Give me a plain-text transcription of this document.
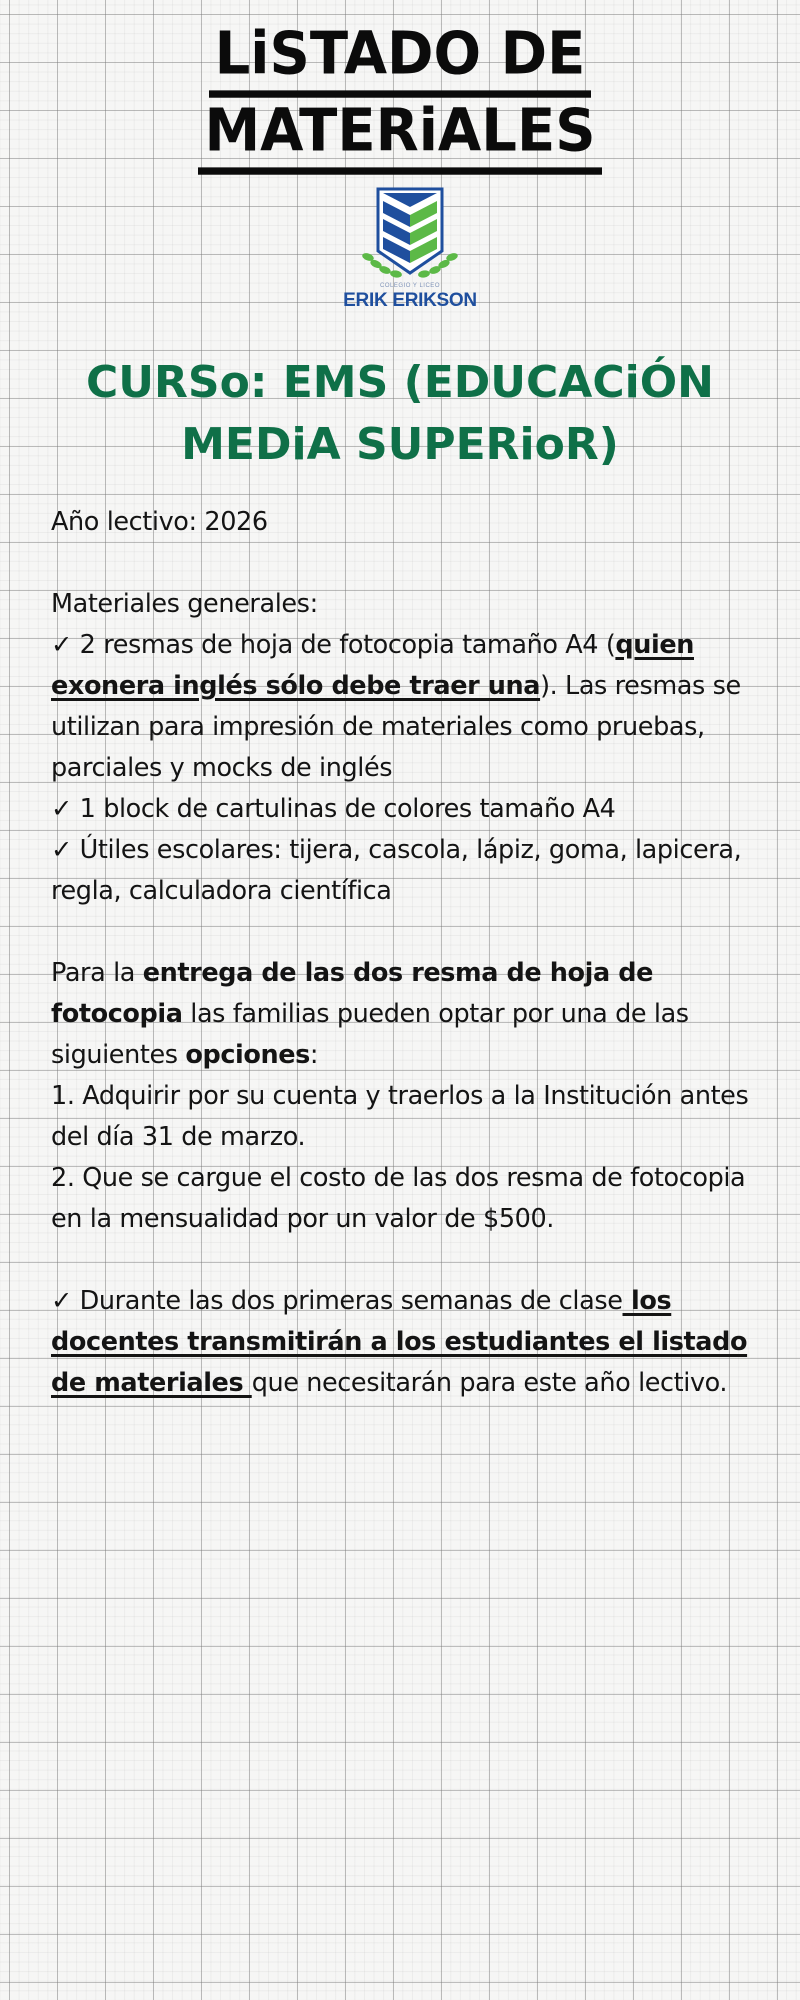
LiSTADO DE
MATERiALES
COLEGIO Y LICEO
ERIK ERIKSON
CURSo: EMS (EDUCACiÓN
MEDiA SUPERioR)

Año lectivo: 2026

Materiales generales:

✓ 2 resmas de hoja de fotocopia tamaño A4 (quien exonera inglés sólo debe traer una). Las resmas se utilizan para impresión de materiales como pruebas, parciales y mocks de inglés

✓ 1 block de cartulinas de colores tamaño A4

✓ Útiles escolares: tijera, cascola, lápiz, goma, lapicera, regla, calculadora científica

Para la entrega de las dos resma de hoja de fotocopia las familias pueden optar por una de las siguientes opciones:

1. Adquirir por su cuenta y traerlos a la Institución antes del día 31 de marzo.

2. Que se cargue el costo de las dos resma de fotocopia en la mensualidad por un valor de $500.

✓ Durante las dos primeras semanas de clase los docentes transmitirán a los estudiantes el listado de materiales que necesitarán para este año lectivo.
